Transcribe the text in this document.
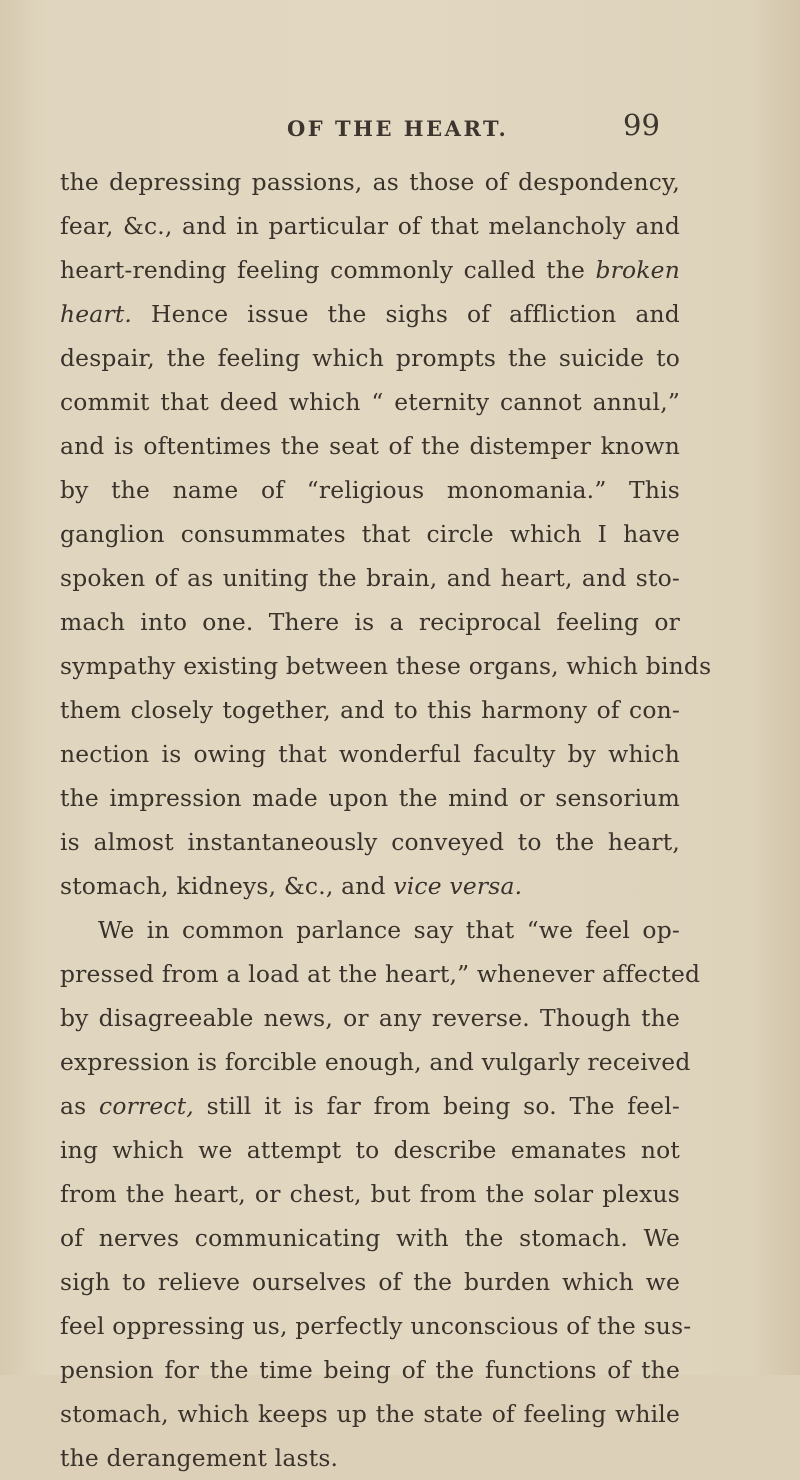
OF THE HEART.	99
the depressing passions, as those of despondency,
fear, &c., and in particular of that melancholy and
heart-rending feeling commonly called the broken
heart. Hence issue the sighs of affliction and
despair, the feeling which prompts the suicide to
commit that deed which “ eternity cannot annul,”
and is oftentimes the seat of the distemper known
by the name of “religious monomania.” This
ganglion consummates that circle which I have
spoken of as uniting the brain, and heart, and sto-
mach into one. There is a reciprocal feeling or
sympathy existing between these organs, which binds
them closely together, and to this harmony of con-
nection is owing that wonderful faculty by which
the impression made upon the mind or sensorium
is almost instantaneously conveyed to the heart,
stomach, kidneys, &c., and vice versa.
We in common parlance say that “we feel op-
pressed from a load at the heart,” whenever affected
by disagreeable news, or any reverse. Though the
expression is forcible enough, and vulgarly received
as correct, still it is far from being so. The feel-
ing which we attempt to describe emanates not
from the heart, or chest, but from the solar plexus
of nerves communicating with the stomach. We
sigh to relieve ourselves of the burden which we
feel oppressing us, perfectly unconscious of the sus-
pension for the time being of the functions of the
stomach, which keeps up the state of feeling while
the derangement lasts.
